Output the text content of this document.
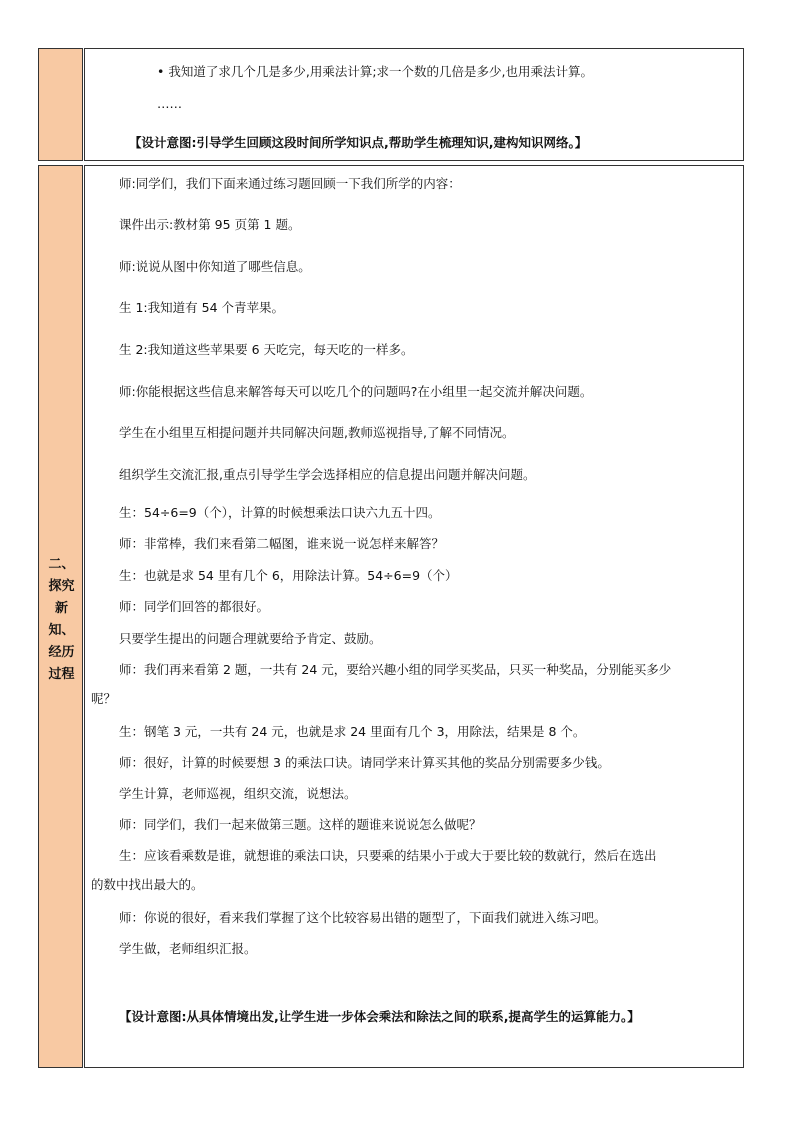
• 我知道了求几个几是多少,用乘法计算;求一个数的几倍是多少,也用乘法计算。
……
【设计意图:引导学生回顾这段时间所学知识点,帮助学生梳理知识,建构知识网络。】
二、
探究
新
知、
经历
过程
师:同学们，我们下面来通过练习题回顾一下我们所学的内容：
课件出示:教材第 95 页第 1 题。
师:说说从图中你知道了哪些信息。
生 1:我知道有 54 个青苹果。
生 2:我知道这些苹果要 6 天吃完，每天吃的一样多。
师:你能根据这些信息来解答每天可以吃几个的问题吗?在小组里一起交流并解决问题。
学生在小组里互相提问题并共同解决问题,教师巡视指导,了解不同情况。
组织学生交流汇报,重点引导学生学会选择相应的信息提出问题并解决问题。
生：54÷6=9（个），计算的时候想乘法口诀六九五十四。
师：非常棒，我们来看第二幅图，谁来说一说怎样来解答？
生：也就是求 54 里有几个 6，用除法计算。54÷6=9（个）
师：同学们回答的都很好。
只要学生提出的问题合理就要给予肯定、鼓励。
师：我们再来看第 2 题，一共有 24 元，要给兴趣小组的同学买奖品，只买一种奖品，分别能买多少
呢？
生：钢笔 3 元，一共有 24 元，也就是求 24 里面有几个 3，用除法，结果是 8 个。
师：很好，计算的时候要想 3 的乘法口诀。请同学来计算买其他的奖品分别需要多少钱。
学生计算，老师巡视，组织交流，说想法。
师：同学们，我们一起来做第三题。这样的题谁来说说怎么做呢？
生：应该看乘数是谁，就想谁的乘法口诀，只要乘的结果小于或大于要比较的数就行，然后在选出
的数中找出最大的。
师：你说的很好，看来我们掌握了这个比较容易出错的题型了，下面我们就进入练习吧。
学生做，老师组织汇报。
【设计意图:从具体情境出发,让学生进一步体会乘法和除法之间的联系,提高学生的运算能力。】
